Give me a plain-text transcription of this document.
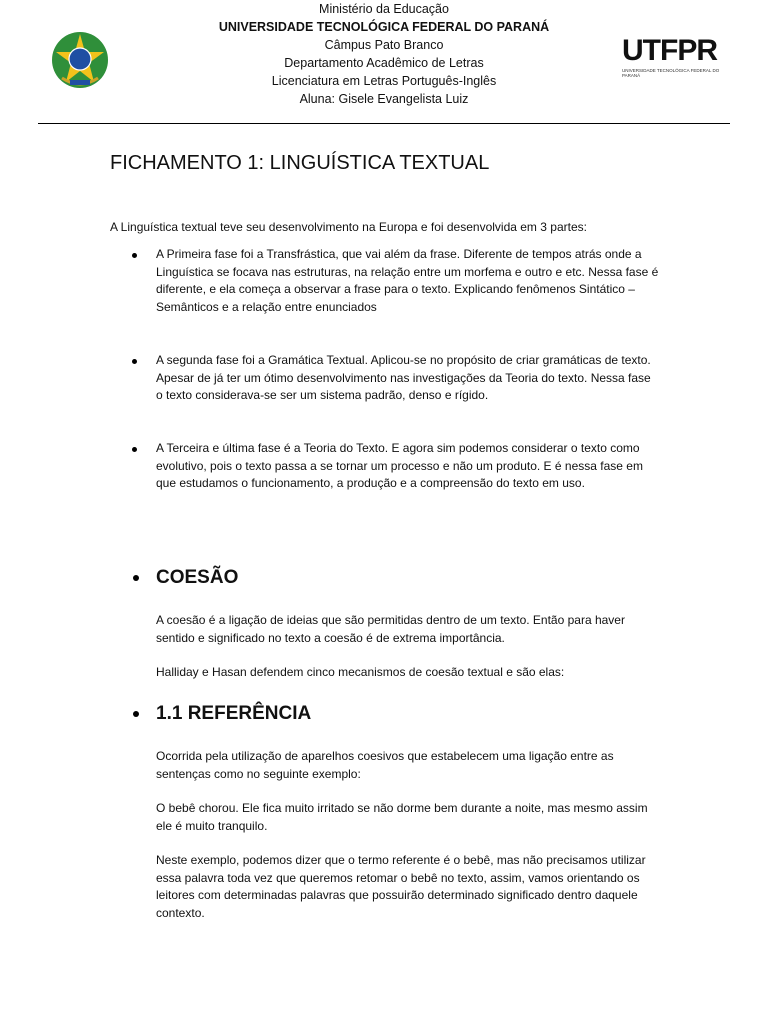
Ministério da Educação
UNIVERSIDADE TECNOLÓGICA FEDERAL DO PARANÁ
Câmpus Pato Branco
Departamento Acadêmico de Letras
Licenciatura em Letras Português-Inglês
Aluna: Gisele Evangelista Luiz
UTFPR
UNIVERSIDADE TECNOLÓGICA FEDERAL DO PARANÁ
FICHAMENTO 1: LINGUÍSTICA TEXTUAL

A Linguística textual teve seu desenvolvimento na Europa e foi desenvolvida em 3 partes:

A Primeira fase foi a Transfrástica, que vai além da frase. Diferente de tempos atrás onde a Linguística se focava nas estruturas, na relação entre um morfema e outro e etc. Nessa fase é diferente, e ela começa a observar a frase para o texto. Explicando fenômenos Sintático – Semânticos e a relação entre enunciados

A segunda fase foi a Gramática Textual. Aplicou-se no propósito de criar gramáticas de texto. Apesar de já ter um ótimo desenvolvimento nas investigações da Teoria do texto. Nessa fase o texto considerava-se ser um sistema padrão, denso e rígido.

A Terceira e última fase é a Teoria do Texto. E agora sim podemos considerar o texto como evolutivo, pois o texto passa a se tornar um processo e não um produto. E é nessa fase em que estudamos o funcionamento, a produção e a compreensão do texto em uso.

COESÃO

A coesão é a ligação de ideias que são permitidas dentro de um texto. Então para haver sentido e significado no texto a coesão é de extrema importância.

Halliday e Hasan defendem cinco mecanismos de coesão textual e são elas:

1.1 REFERÊNCIA

Ocorrida pela utilização de aparelhos coesivos que estabelecem uma ligação entre as sentenças como no seguinte exemplo:

O bebê chorou. Ele fica muito irritado se não dorme bem durante a noite, mas mesmo assim ele é muito tranquilo.

Neste exemplo, podemos dizer que o termo referente é o bebê, mas não precisamos utilizar essa palavra toda vez que queremos retomar o bebê no texto, assim, vamos orientando os leitores com determinadas palavras que possuirão determinado significado dentro daquele contexto.
